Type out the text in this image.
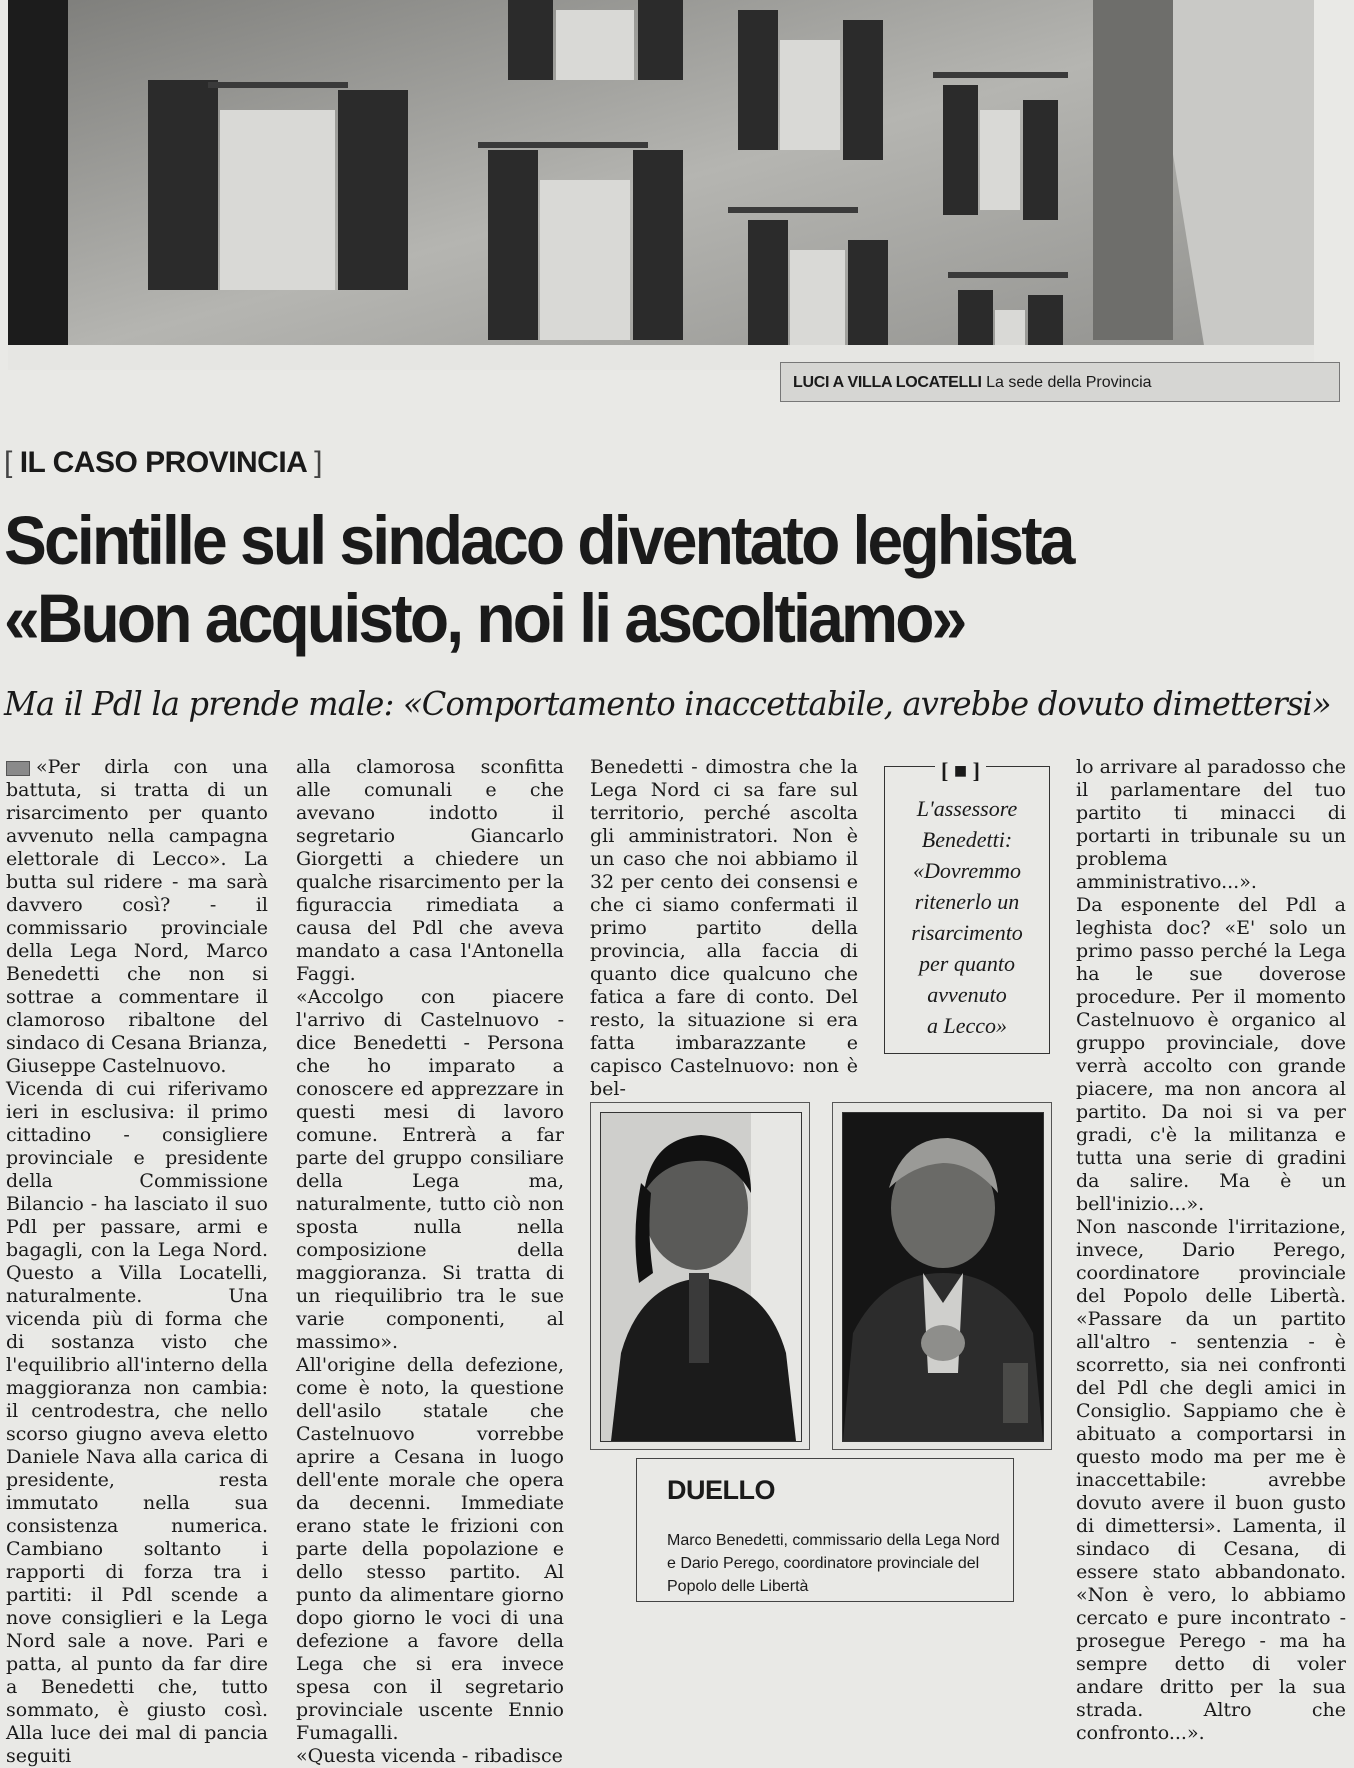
LUCI A VILLA LOCATELLI La sede della Provincia
[ IL CASO PROVINCIA ]
Scintille sul sindaco diventato leghista
«Buon acquisto, noi li ascoltiamo»
Ma il Pdl la prende male: «Comportamento inaccettabile, avrebbe dovuto dimettersi»

«Per dirla con una battuta, si tratta di un risarcimento per quanto avvenuto nella campagna elettorale di Lecco». La butta sul ridere - ma sarà davvero così? - il commissario provinciale della Lega Nord, Marco Benedetti che non si sottrae a commentare il clamoroso ribaltone del sindaco di Cesana Brianza, Giuseppe Castelnuovo.

Vicenda di cui riferivamo ieri in esclusiva: il primo cittadino - consigliere provinciale e presidente della Commissione Bilancio - ha lasciato il suo Pdl per passare, armi e bagagli, con la Lega Nord. Questo a Villa Locatelli, naturalmente. Una vicenda più di forma che di sostanza visto che l'equilibrio all'interno della maggioranza non cambia: il centrodestra, che nello scorso giugno aveva eletto Daniele Nava alla carica di presidente, resta immutato nella sua consistenza numerica. Cambiano soltanto i rapporti di forza tra i partiti: il Pdl scende a nove consiglieri e la Lega Nord sale a nove. Pari e patta, al punto da far dire a Benedetti che, tutto sommato, è giusto così. Alla luce dei mal di pancia seguiti

alla clamorosa sconfitta alle comunali e che avevano indotto il segretario Giancarlo Giorgetti a chiedere un qualche risarcimento per la figuraccia rimediata a causa del Pdl che aveva mandato a casa l'Antonella Faggi.

«Accolgo con piacere l'arrivo di Castelnuovo - dice Benedetti - Persona che ho imparato a conoscere ed apprezzare in questi mesi di lavoro comune. Entrerà a far parte del gruppo consiliare della Lega ma, naturalmente, tutto ciò non sposta nulla nella composizione della maggioranza. Si tratta di un riequilibrio tra le sue varie componenti, al massimo».

All'origine della defezione, come è noto, la questione dell'asilo statale che Castelnuovo vorrebbe aprire a Cesana in luogo dell'ente morale che opera da decenni. Immediate erano state le frizioni con parte della popolazione e dello stesso partito. Al punto da alimentare giorno dopo giorno le voci di una defezione a favore della Lega che si era invece spesa con il segretario provinciale uscente Ennio Fumagalli.

«Questa vicenda - ribadisce

Benedetti - dimostra che la Lega Nord ci sa fare sul territorio, perché ascolta gli amministratori. Non è un caso che noi abbiamo il 32 per cento dei consensi e che ci siamo confermati il primo partito della provincia, alla faccia di quanto dice qualcuno che fatica a fare di conto. Del resto, la situazione si era fatta imbarazzante e capisco Castelnuovo: non è bel-

[ ■ ]
L'assessore
Benedetti:
«Dovremmo
ritenerlo un
risarcimento
per quanto
avvenuto
a Lecco»

lo arrivare al paradosso che il parlamentare del tuo partito ti minacci di portarti in tribunale su un problema amministrativo...».

Da esponente del Pdl a leghista doc? «E' solo un primo passo perché la Lega ha le sue doverose procedure. Per il momento Castelnuovo è organico al gruppo provinciale, dove verrà accolto con grande piacere, ma non ancora al partito. Da noi si va per gradi, c'è la militanza e tutta una serie di gradini da salire. Ma è un bell'inizio...».

Non nasconde l'irritazione, invece, Dario Perego, coordinatore provinciale del Popolo delle Libertà. «Passare da un partito all'altro - sentenzia - è scorretto, sia nei confronti del Pdl che degli amici in Consiglio. Sappiamo che è abituato a comportarsi in questo modo ma per me è inaccettabile: avrebbe dovuto avere il buon gusto di dimettersi». Lamenta, il sindaco di Cesana, di essere stato abbandonato. «Non è vero, lo abbiamo cercato e pure incontrato - prosegue Perego - ma ha sempre detto di voler andare dritto per la sua strada. Altro che confronto...».

DUELLO
Marco Benedetti, commissario della Lega Nord e Dario Perego, coordinatore provinciale del Popolo delle Libertà
